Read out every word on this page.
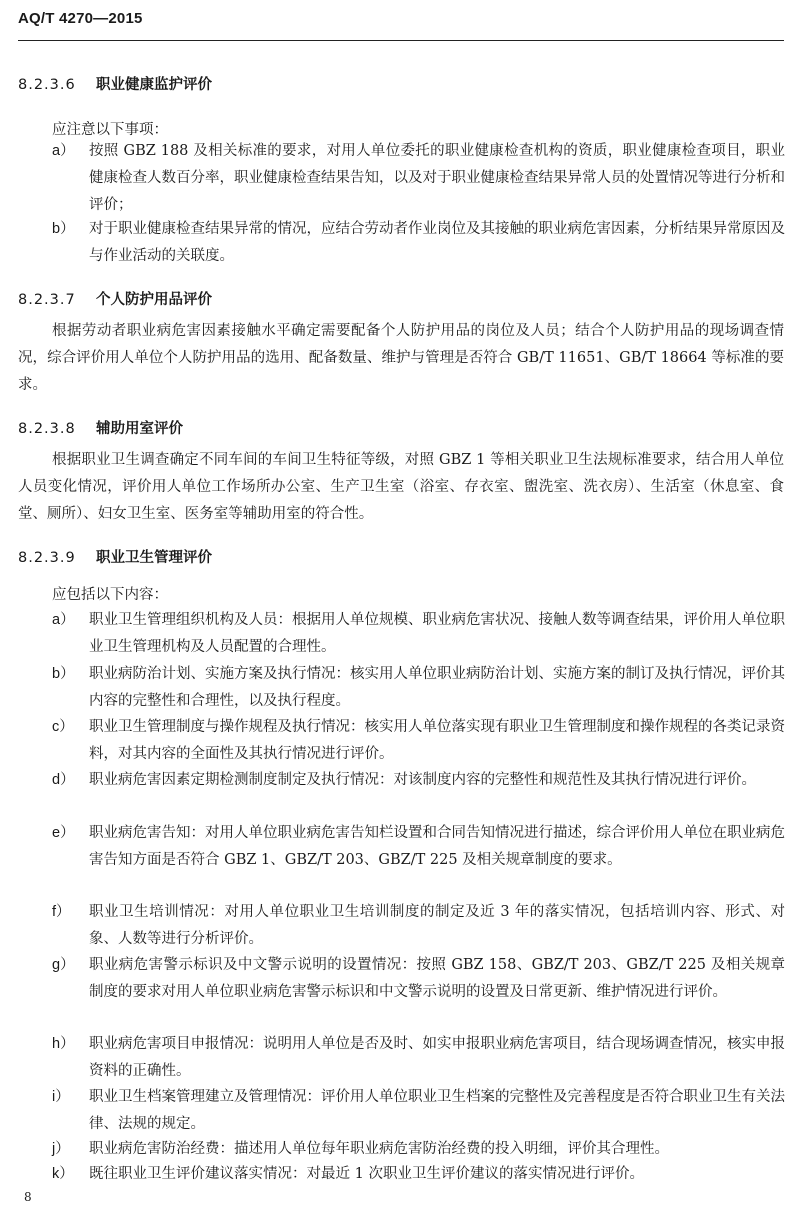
AQ/T 4270—2015
8.2.3.6 职业健康监护评价
应注意以下事项：
a） 按照 GBZ 188 及相关标准的要求，对用人单位委托的职业健康检查机构的资质，职业健康检查项目，职业健康检查人数百分率，职业健康检查结果告知，以及对于职业健康检查结果异常人员的处置情况等进行分析和评价；
b） 对于职业健康检查结果异常的情况，应结合劳动者作业岗位及其接触的职业病危害因素，分析结果异常原因及与作业活动的关联度。
8.2.3.7 个人防护用品评价
根据劳动者职业病危害因素接触水平确定需要配备个人防护用品的岗位及人员；结合个人防护用品的现场调查情况，综合评价用人单位个人防护用品的选用、配备数量、维护与管理是否符合 GB/T 11651、GB/T 18664 等标准的要求。
8.2.3.8 辅助用室评价
根据职业卫生调查确定不同车间的车间卫生特征等级，对照 GBZ 1 等相关职业卫生法规标准要求，结合用人单位人员变化情况，评价用人单位工作场所办公室、生产卫生室（浴室、存衣室、盥洗室、洗衣房）、生活室（休息室、食堂、厕所）、妇女卫生室、医务室等辅助用室的符合性。
8.2.3.9 职业卫生管理评价
应包括以下内容：
a） 职业卫生管理组织机构及人员：根据用人单位规模、职业病危害状况、接触人数等调查结果，评价用人单位职业卫生管理机构及人员配置的合理性。
b） 职业病防治计划、实施方案及执行情况：核实用人单位职业病防治计划、实施方案的制订及执行情况，评价其内容的完整性和合理性，以及执行程度。
c）	职业卫生管理制度与操作规程及执行情况：核实用人单位落实现有职业卫生管理制度和操作规程的各类记录资料，对其内容的全面性及其执行情况进行评价。
d） 职业病危害因素定期检测制度制定及执行情况：对该制度内容的完整性和规范性及其执行情况进行评价。
e） 职业病危害告知：对用人单位职业病危害告知栏设置和合同告知情况进行描述，综合评价用人单位在职业病危害告知方面是否符合 GBZ 1、GBZ/T 203、GBZ/T 225 及相关规章制度的要求。
f）	职业卫生培训情况：对用人单位职业卫生培训制度的制定及近 3 年的落实情况，包括培训内容、形式、对象、人数等进行分析评价。
g） 职业病危害警示标识及中文警示说明的设置情况：按照 GBZ 158、GBZ/T 203、GBZ/T 225 及相关规章制度的要求对用人单位职业病危害警示标识和中文警示说明的设置及日常更新、维护情况进行评价。
h） 职业病危害项目申报情况：说明用人单位是否及时、如实申报职业病危害项目，结合现场调查情况，核实申报资料的正确性。
i）	职业卫生档案管理建立及管理情况：评价用人单位职业卫生档案的完整性及完善程度是否符合职业卫生有关法律、法规的规定。
j）	职业病危害防治经费：描述用人单位每年职业病危害防治经费的投入明细，评价其合理性。
k）	既往职业卫生评价建议落实情况：对最近 1 次职业卫生评价建议的落实情况进行评价。
8
